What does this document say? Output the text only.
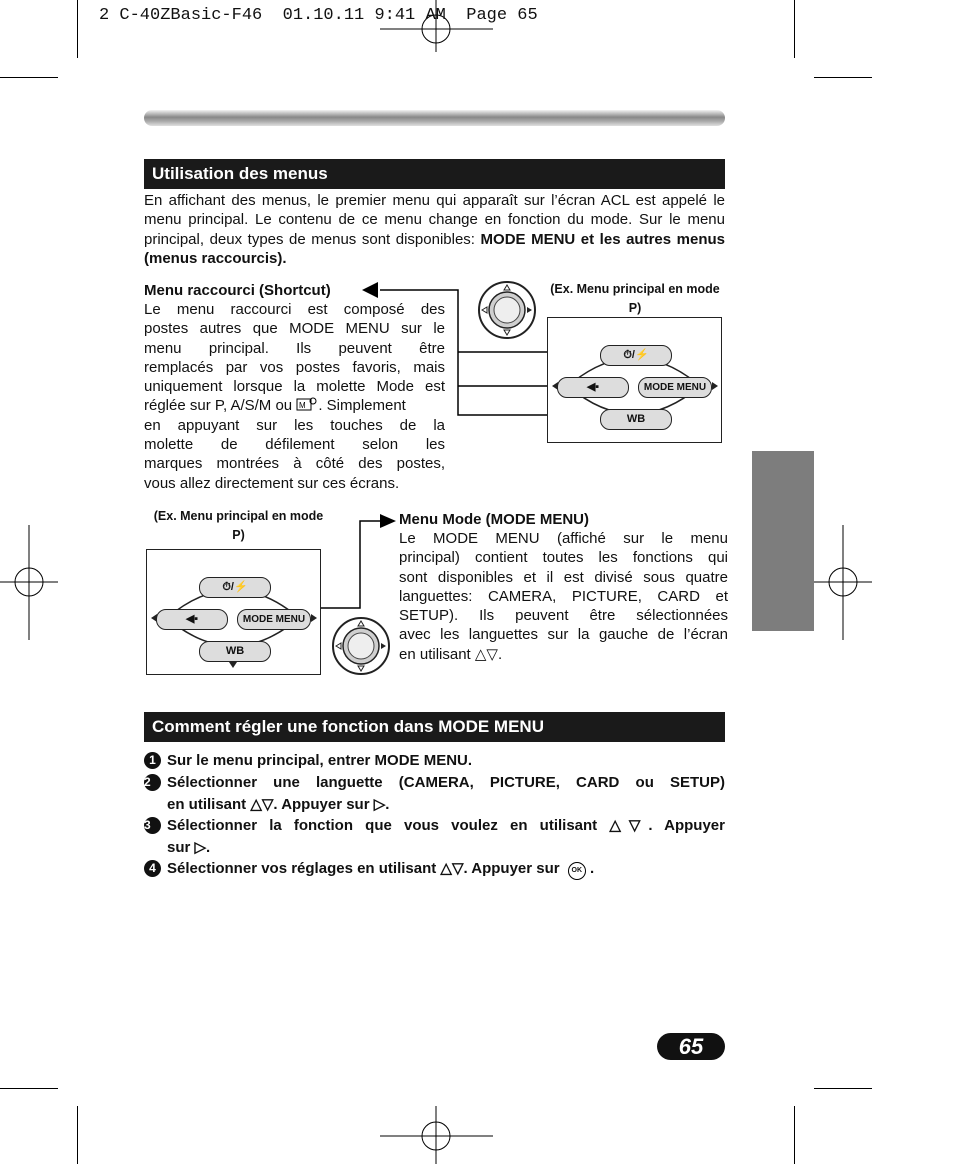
2 C-40ZBasic-F46  01.10.11 9:41 AM  Page 65
Utilisation des menus
En affichant des menus, le premier menu qui apparaît sur l’écran ACL est appelé le menu principal. Le contenu de ce menu change en fonction du mode. Sur le menu principal, deux types de menus sont disponibles: MODE MENU et les autres menus (menus raccourcis).
Menu raccourci (Shortcut)
Le menu raccourci est composé des
postes autres que MODE MENU sur le
menu principal. Ils peuvent être
remplacés par vos postes favoris, mais
uniquement lorsque la molette Mode est
réglée sur P, A/S/M ou M . Simplement
en appuyant sur les touches de la
molette de défilement selon les
marques montrées à côté des postes,
vous allez directement sur ces écrans.
(Ex. Menu principal en mode P)
⏱/⚡
◀▪	MODE MENU
WB
(Ex. Menu principal en mode P)
⏱/⚡
◀▪	MODE MENU
WB
Menu Mode (MODE MENU)
Le MODE MENU (affiché sur le menu
principal) contient toutes les fonctions qui
sont disponibles et il est divisé sous quatre
languettes: CAMERA, PICTURE, CARD et
SETUP). Ils peuvent être sélectionnées
avec les languettes sur la gauche de l’écran
en utilisant △▽.
Comment régler une fonction dans MODE MENU
1 Sur le menu principal, entrer MODE MENU.
2 Sélectionner une languette (CAMERA, PICTURE, CARD ou SETUP)
en utilisant △▽. Appuyer sur ▷.
3 Sélectionner la fonction que vous voulez en utilisant △▽. Appuyer
sur ▷.
4 Sélectionner vos réglages en utilisant △▽. Appuyer sur OK .
65
